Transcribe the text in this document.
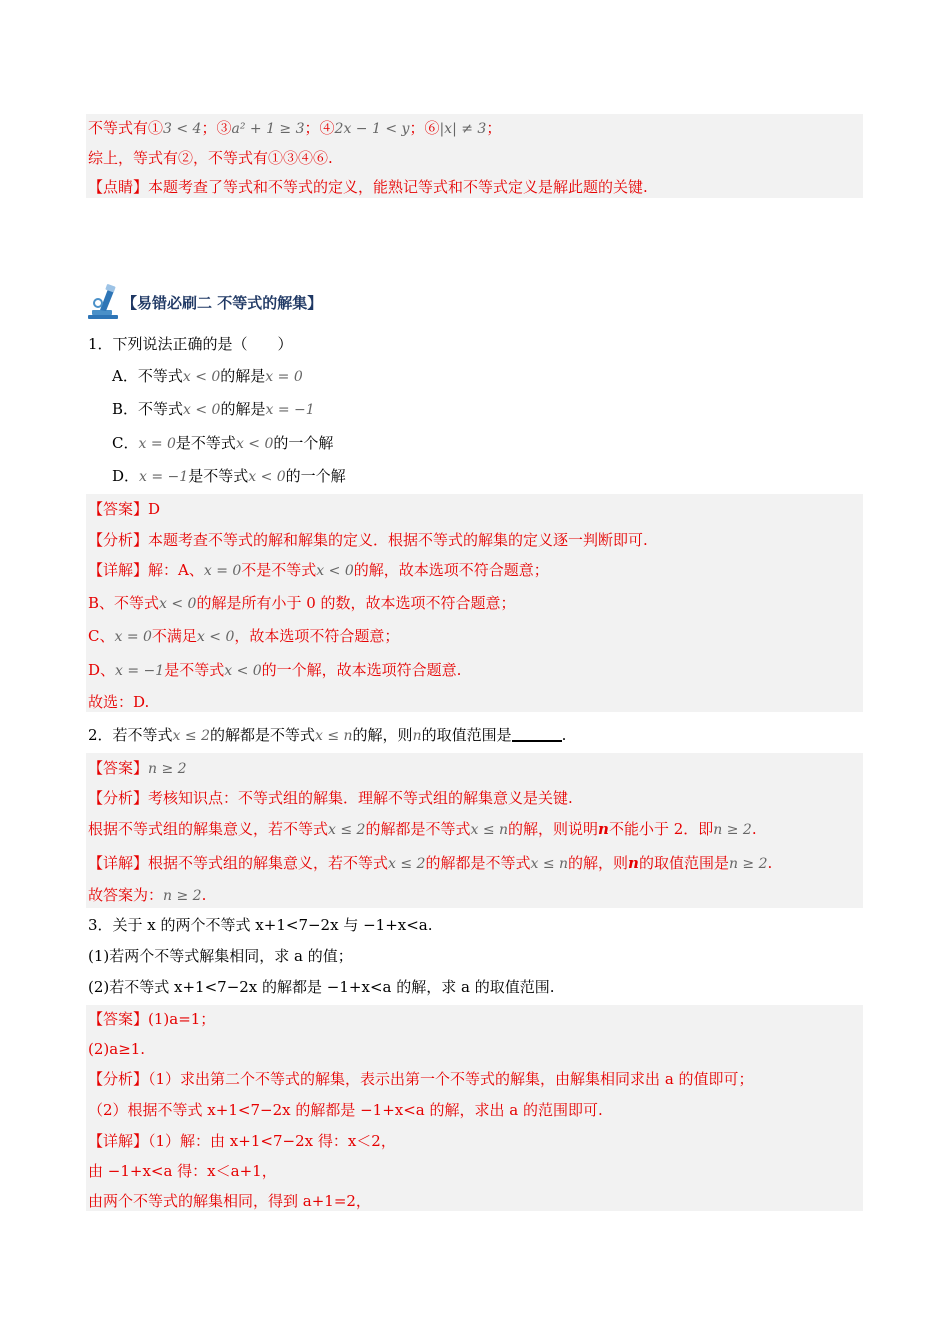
不等式有①3 < 4；③a² + 1 ≥ 3；④2x − 1 < y；⑥|x| ≠ 3；
综上，等式有②，不等式有①③④⑥.
【点睛】本题考查了等式和不等式的定义，能熟记等式和不等式定义是解此题的关键.
【易错必刷二 不等式的解集】
1．下列说法正确的是（　　）
A．不等式x < 0的解是x = 0
B．不等式x < 0的解是x = −1
C．x = 0是不等式x < 0的一个解
D．x = −1是不等式x < 0的一个解
【答案】D
【分析】本题考查不等式的解和解集的定义．根据不等式的解集的定义逐一判断即可.
【详解】解：A、x = 0不是不等式x < 0的解，故本选项不符合题意；
B、不等式x < 0的解是所有小于 0 的数，故本选项不符合题意；
C、x = 0不满足x < 0，故本选项不符合题意；
D、x = −1是不等式x < 0的一个解，故本选项符合题意.
故选：D.
2．若不等式x ≤ 2的解都是不等式x ≤ n的解，则n的取值范围是	.
【答案】n ≥ 2
【分析】考核知识点：不等式组的解集．理解不等式组的解集意义是关键.
根据不等式组的解集意义，若不等式x ≤ 2的解都是不等式x ≤ n的解，则说明n不能小于 2．即n ≥ 2.
【详解】根据不等式组的解集意义，若不等式x ≤ 2的解都是不等式x ≤ n的解，则n的取值范围是n ≥ 2.
故答案为：n ≥ 2.
3．关于 x 的两个不等式 x+1<7−2x 与 −1+x<a.
(1)若两个不等式解集相同，求 a 的值；
(2)若不等式 x+1<7−2x 的解都是 −1+x<a 的解，求 a 的取值范围.
【答案】(1)a=1；
(2)a≥1.
【分析】（1）求出第二个不等式的解集，表示出第一个不等式的解集，由解集相同求出 a 的值即可；
（2）根据不等式 x+1<7−2x 的解都是 −1+x<a 的解，求出 a 的范围即可.
【详解】（1）解：由 x+1<7−2x 得：x＜2，
由 −1+x<a 得：x＜a+1，
由两个不等式的解集相同，得到 a+1=2，
